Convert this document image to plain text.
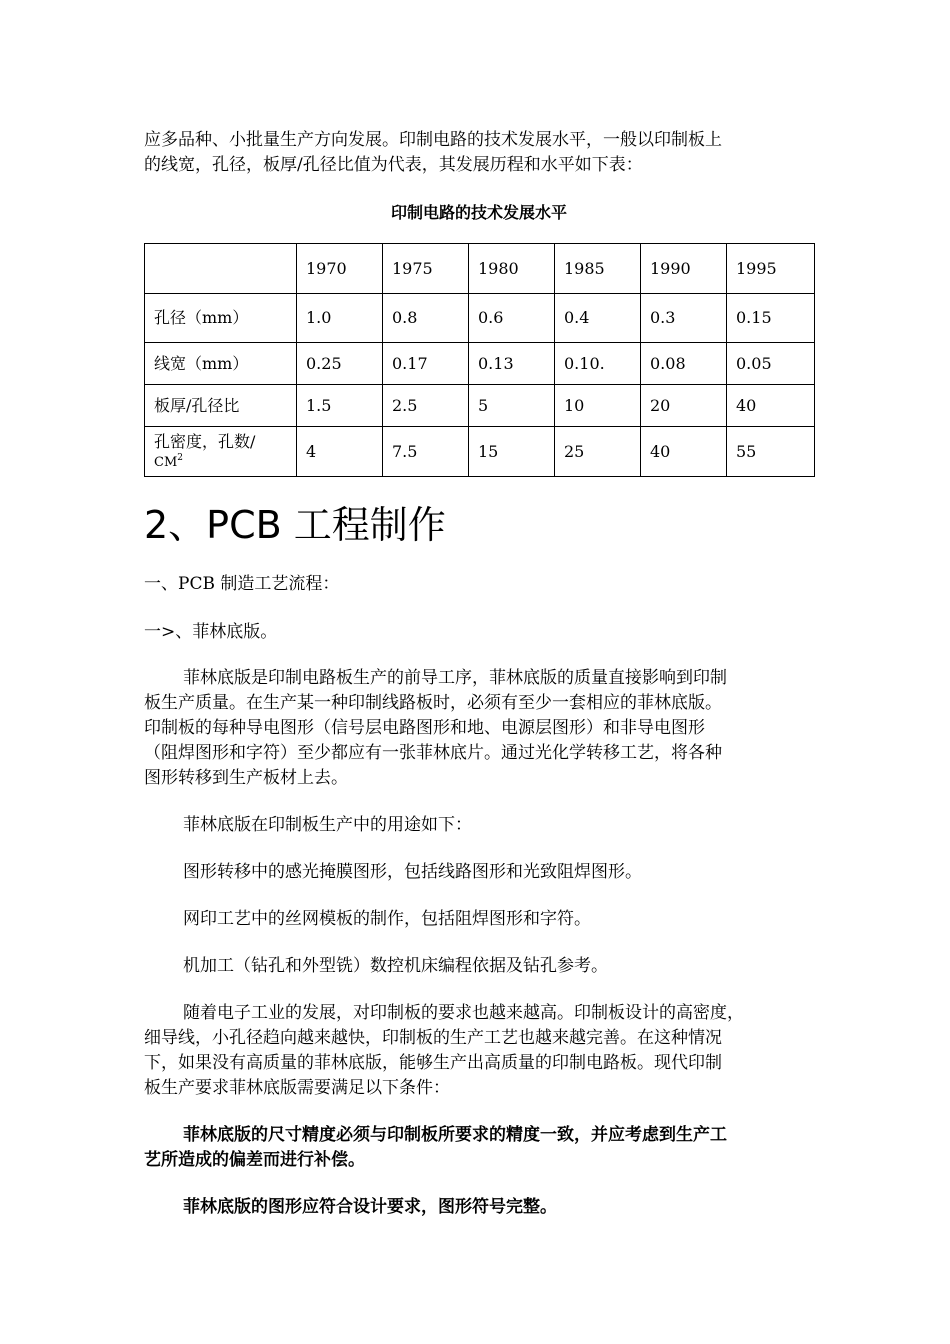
应多品种、小批量生产方向发展。印制电路的技术发展水平，一般以印制板上

的线宽，孔径，板厚/孔径比值为代表，其发展历程和水平如下表：

印制电路的技术发展水平
	1970	1975	1980	1985	1990	1995
孔径（mm）	1.0	0.8	0.6	0.4	0.3	0.15
线宽（mm）	0.25	0.17	0.13	0.10.	0.08	0.05
板厚/孔径比	1.5	2.5	5	10	20	40
孔密度，孔数/
$CM^2$	4	7.5	15	25	40	55
2、PCB 工程制作

一、PCB 制造工艺流程：

一>、菲林底版。

菲林底版是印制电路板生产的前导工序，菲林底版的质量直接影响到印制

板生产质量。在生产某一种印制线路板时，必须有至少一套相应的菲林底版。

印制板的每种导电图形（信号层电路图形和地、电源层图形）和非导电图形

（阻焊图形和字符）至少都应有一张菲林底片。通过光化学转移工艺，将各种

图形转移到生产板材上去。

菲林底版在印制板生产中的用途如下：

图形转移中的感光掩膜图形，包括线路图形和光致阻焊图形。

网印工艺中的丝网模板的制作，包括阻焊图形和字符。

机加工（钻孔和外型铣）数控机床编程依据及钻孔参考。

随着电子工业的发展，对印制板的要求也越来越高。印制板设计的高密度，

细导线，小孔径趋向越来越快，印制板的生产工艺也越来越完善。在这种情况

下，如果没有高质量的菲林底版，能够生产出高质量的印制电路板。现代印制

板生产要求菲林底版需要满足以下条件：

菲林底版的尺寸精度必须与印制板所要求的精度一致，并应考虑到生产工

艺所造成的偏差而进行补偿。

菲林底版的图形应符合设计要求，图形符号完整。
